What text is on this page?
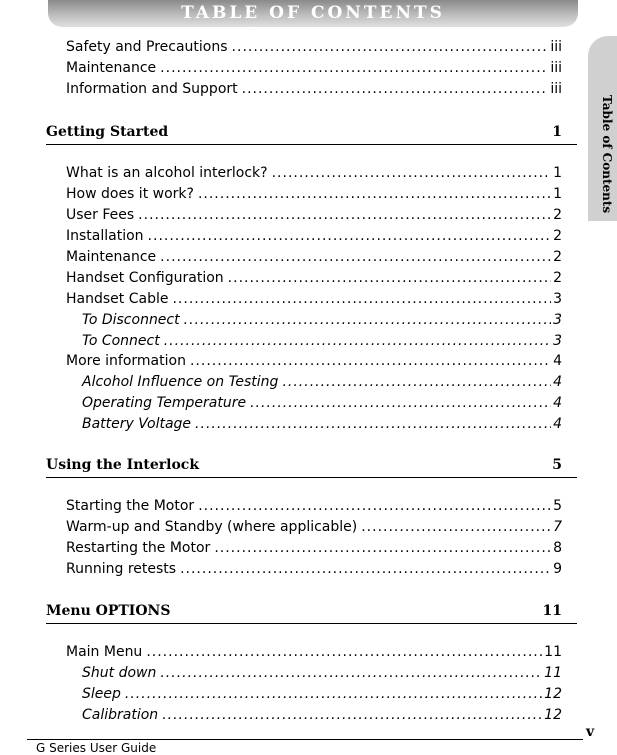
TABLE OF CONTENTS
Safety and Precautions .....	iii
Maintenance .....	iii
Information and Support .....	iii
Getting Started	1
What is an alcohol interlock? .....	1
How does it work? .....	1
User Fees .....	2
Installation .....	2
Maintenance .....	2
Handset Configuration .....	2
Handset Cable .....	3
To Disconnect .....	3
To Connect .....	3
More information .....	4
Alcohol Influence on Testing .....	4
Operating Temperature .....	4
Battery Voltage .....	4
Using the Interlock	5
Starting the Motor .....	5
Warm-up and Standby (where applicable) .....	7
Restarting the Motor .....	8
Running retests .....	9
Menu OPTIONS	11
Main Menu .....	11
Shut down .....	11
Sleep .....	12
Calibration .....	12
G Series User Guide
v
